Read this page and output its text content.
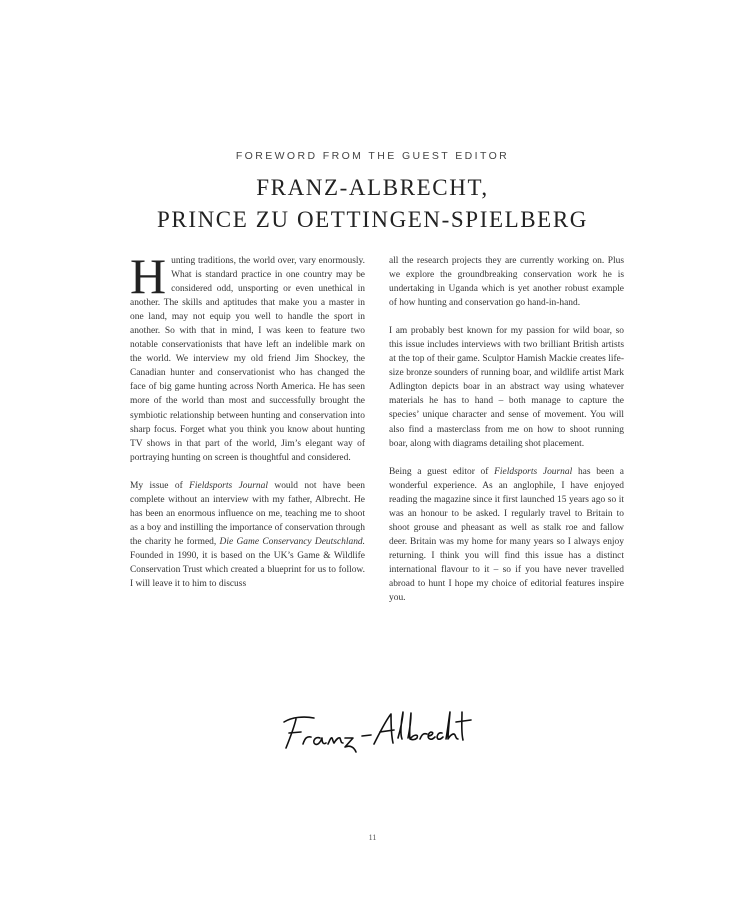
FOREWORD FROM THE GUEST EDITOR
FRANZ-ALBRECHT,
PRINCE ZU OETTINGEN-SPIELBERG

Hunting traditions, the world over, vary enormously. What is standard practice in one country may be considered odd, unsporting or even unethical in another. The skills and aptitudes that make you a master in one land, may not equip you well to handle the sport in another. So with that in mind, I was keen to feature two notable conservationists that have left an indelible mark on the world. We interview my old friend Jim Shockey, the Canadian hunter and conservationist who has changed the face of big game hunting across North America. He has seen more of the world than most and successfully brought the symbiotic relationship between hunting and conservation into sharp focus. Forget what you think you know about hunting TV shows in that part of the world, Jim’s elegant way of portraying hunting on screen is thoughtful and considered.

My issue of Fieldsports Journal would not have been complete without an interview with my father, Albrecht. He has been an enormous influence on me, teaching me to shoot as a boy and instilling the importance of conservation through the charity he formed, Die Game Conservancy Deutschland. Founded in 1990, it is based on the UK’s Game & Wildlife Conservation Trust which created a blueprint for us to follow. I will leave it to him to discuss

all the research projects they are currently working on. Plus we explore the groundbreaking conservation work he is undertaking in Uganda which is yet another robust example of how hunting and conservation go hand-in-hand.

I am probably best known for my passion for wild boar, so this issue includes interviews with two brilliant British artists at the top of their game. Sculptor Hamish Mackie creates life-size bronze sounders of running boar, and wildlife artist Mark Adlington depicts boar in an abstract way using whatever materials he has to hand – both manage to capture the species’ unique character and sense of movement. You will also find a masterclass from me on how to shoot running boar, along with diagrams detailing shot placement.

Being a guest editor of Fieldsports Journal has been a wonderful experience. As an anglophile, I have enjoyed reading the magazine since it first launched 15 years ago so it was an honour to be asked. I regularly travel to Britain to shoot grouse and pheasant as well as stalk roe and fallow deer. Britain was my home for many years so I always enjoy returning. I think you will find this issue has a distinct international flavour to it – so if you have never travelled abroad to hunt I hope my choice of editorial features inspire you.

11
